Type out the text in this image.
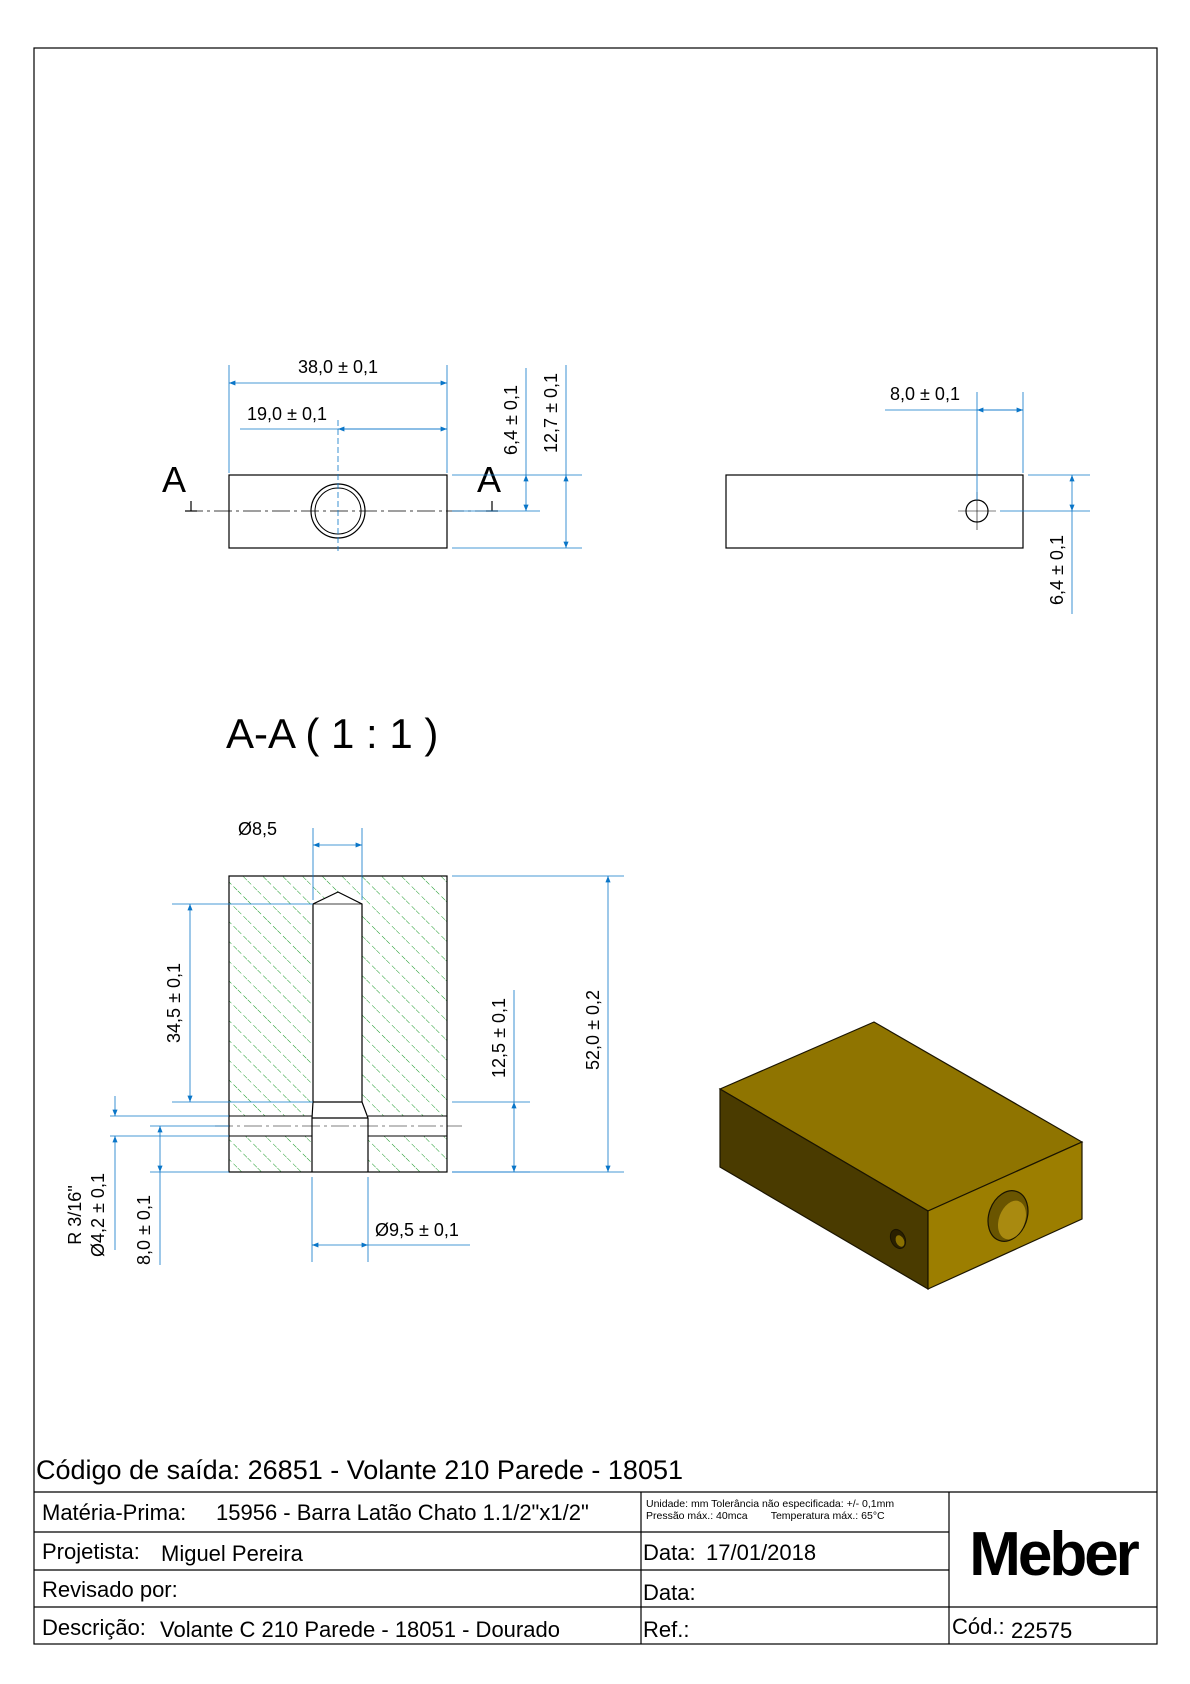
A	A
38,0 ± 0,1
19,0 ± 0,1	6,4 ± 0,1 12,7 ± 0,1	8,0 ± 0,1
6,4 ± 0,1
A-A ( 1 : 1 )
Ø8,5
34,5 ± 0,1	12,5 ± 0,1	52,0 ± 0,2
Ø9,5 ± 0,1
R 3/16" Ø4,2 ± 0,1 8,0 ± 0,1
Código de saída: 26851 - Volante 210 Parede - 18051
Matéria-Prima: 15956 - Barra Latão Chato 1.1/2"x1/2"	Unidade: mm Tolerância não especificada: +/- 0,1mm
Pressão máx.: 40mca        Temperatura máx.: 65°C
Projetista: Miguel Pereira	Data: 17/01/2018
Revisado por:	Data:
Descrição: Volante C 210 Parede - 18051 - Dourado	Ref.:	Cód.: 22575
Meber
